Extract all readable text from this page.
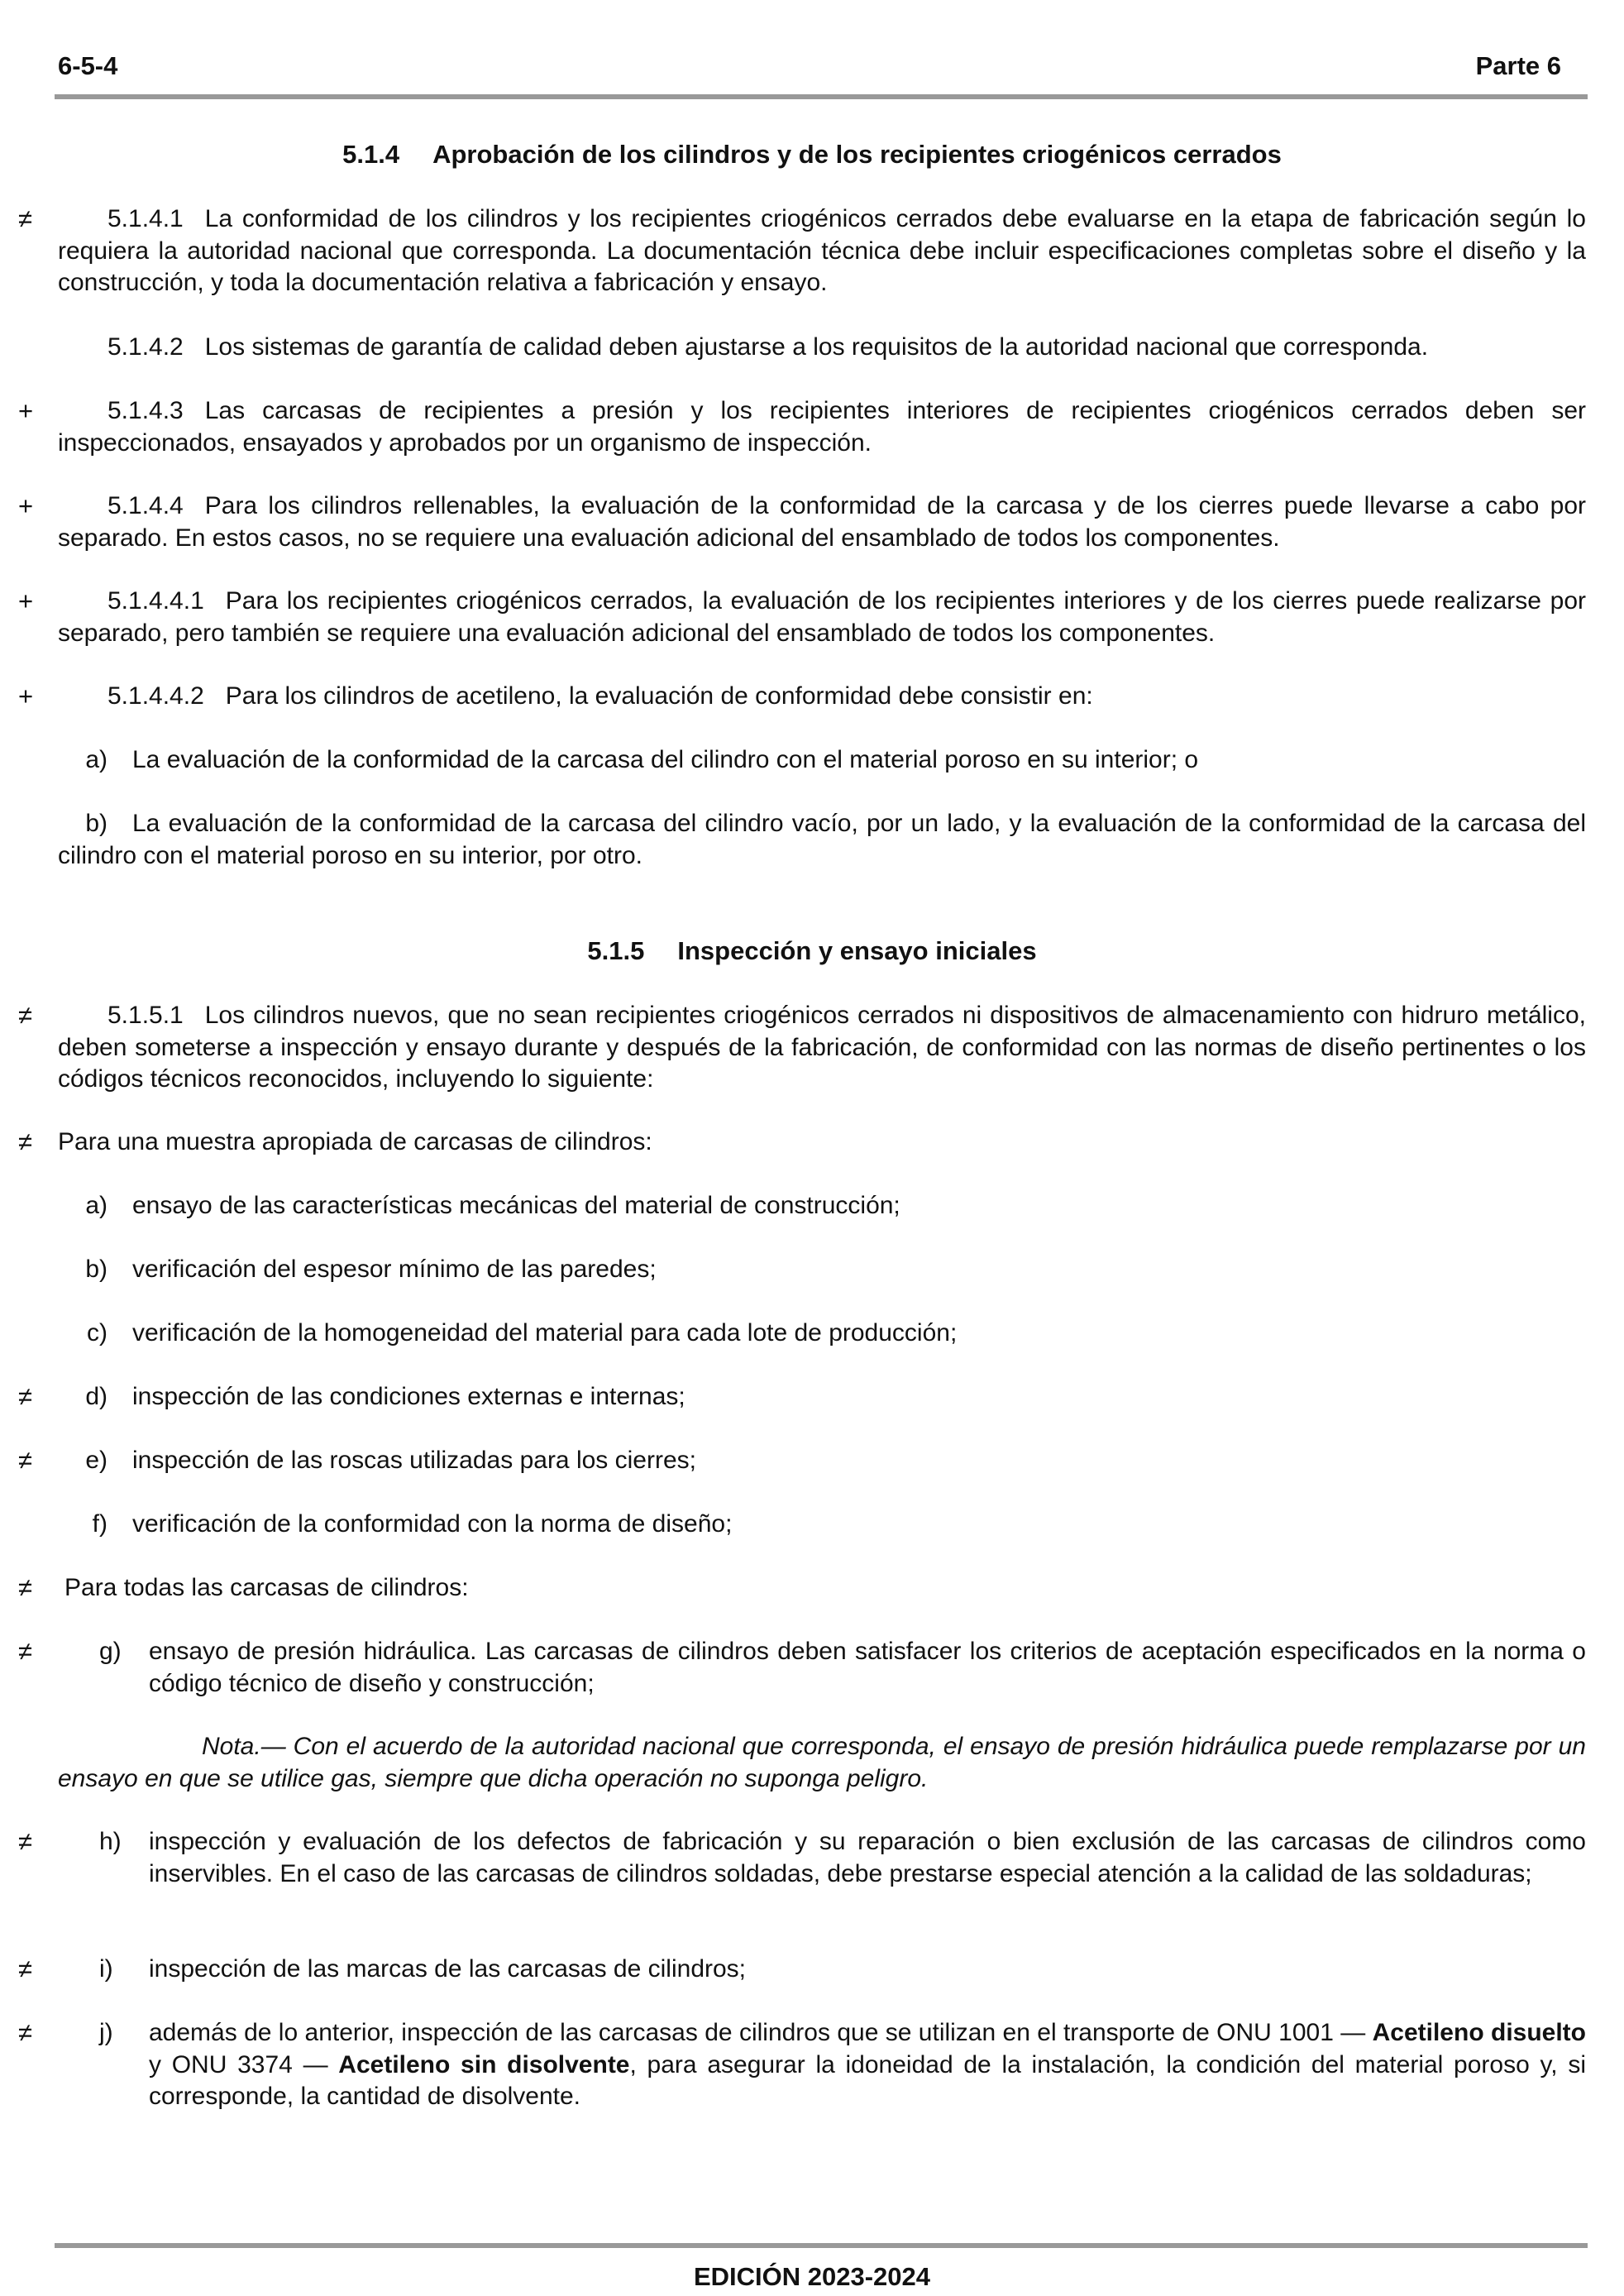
6-5-4	Parte 6
5.1.4 Aprobación de los cilindros y de los recipientes criogénicos cerrados
≠	5.1.4.1 La conformidad de los cilindros y los recipientes criogénicos cerrados debe evaluarse en la etapa de fabricación según lo requiera la autoridad nacional que corresponda. La documentación técnica debe incluir especificaciones completas sobre el diseño y la construcción, y toda la documentación relativa a fabricación y ensayo.
5.1.4.2 Los sistemas de garantía de calidad deben ajustarse a los requisitos de la autoridad nacional que corresponda.
+	5.1.4.3 Las carcasas de recipientes a presión y los recipientes interiores de recipientes criogénicos cerrados deben ser inspeccionados, ensayados y aprobados por un organismo de inspección.
+	5.1.4.4 Para los cilindros rellenables, la evaluación de la conformidad de la carcasa y de los cierres puede llevarse a cabo por separado. En estos casos, no se requiere una evaluación adicional del ensamblado de todos los componentes.
+	5.1.4.4.1 Para los recipientes criogénicos cerrados, la evaluación de los recipientes interiores y de los cierres puede realizarse por separado, pero también se requiere una evaluación adicional del ensamblado de todos los componentes.
+	5.1.4.4.2 Para los cilindros de acetileno, la evaluación de conformidad debe consistir en:
a) La evaluación de la conformidad de la carcasa del cilindro con el material poroso en su interior; o
b) La evaluación de la conformidad de la carcasa del cilindro vacío, por un lado, y la evaluación de la conformidad de la carcasa del cilindro con el material poroso en su interior, por otro.
5.1.5 Inspección y ensayo iniciales
≠	5.1.5.1 Los cilindros nuevos, que no sean recipientes criogénicos cerrados ni dispositivos de almacenamiento con hidruro metálico, deben someterse a inspección y ensayo durante y después de la fabricación, de conformidad con las normas de diseño pertinentes o los códigos técnicos reconocidos, incluyendo lo siguiente:
≠	Para una muestra apropiada de carcasas de cilindros:
a) ensayo de las características mecánicas del material de construcción;
b) verificación del espesor mínimo de las paredes;
c) verificación de la homogeneidad del material para cada lote de producción;
≠	d) inspección de las condiciones externas e internas;
≠	e) inspección de las roscas utilizadas para los cierres;
f) verificación de la conformidad con la norma de diseño;
≠	Para todas las carcasas de cilindros:
≠	g)	ensayo de presión hidráulica. Las carcasas de cilindros deben satisfacer los criterios de aceptación especificados en la norma o código técnico de diseño y construcción;
Nota.— Con el acuerdo de la autoridad nacional que corresponda, el ensayo de presión hidráulica puede remplazarse por un ensayo en que se utilice gas, siempre que dicha operación no suponga peligro.
≠	h)	inspección y evaluación de los defectos de fabricación y su reparación o bien exclusión de las carcasas de cilindros como inservibles. En el caso de las carcasas de cilindros soldadas, debe prestarse especial atención a la calidad de las soldaduras;
≠	i)	inspección de las marcas de las carcasas de cilindros;
≠	j)	además de lo anterior, inspección de las carcasas de cilindros que se utilizan en el transporte de ONU 1001 — Acetileno disuelto y ONU 3374 — Acetileno sin disolvente, para asegurar la idoneidad de la instalación, la condición del material poroso y, si corresponde, la cantidad de disolvente.
EDICIÓN 2023-2024
